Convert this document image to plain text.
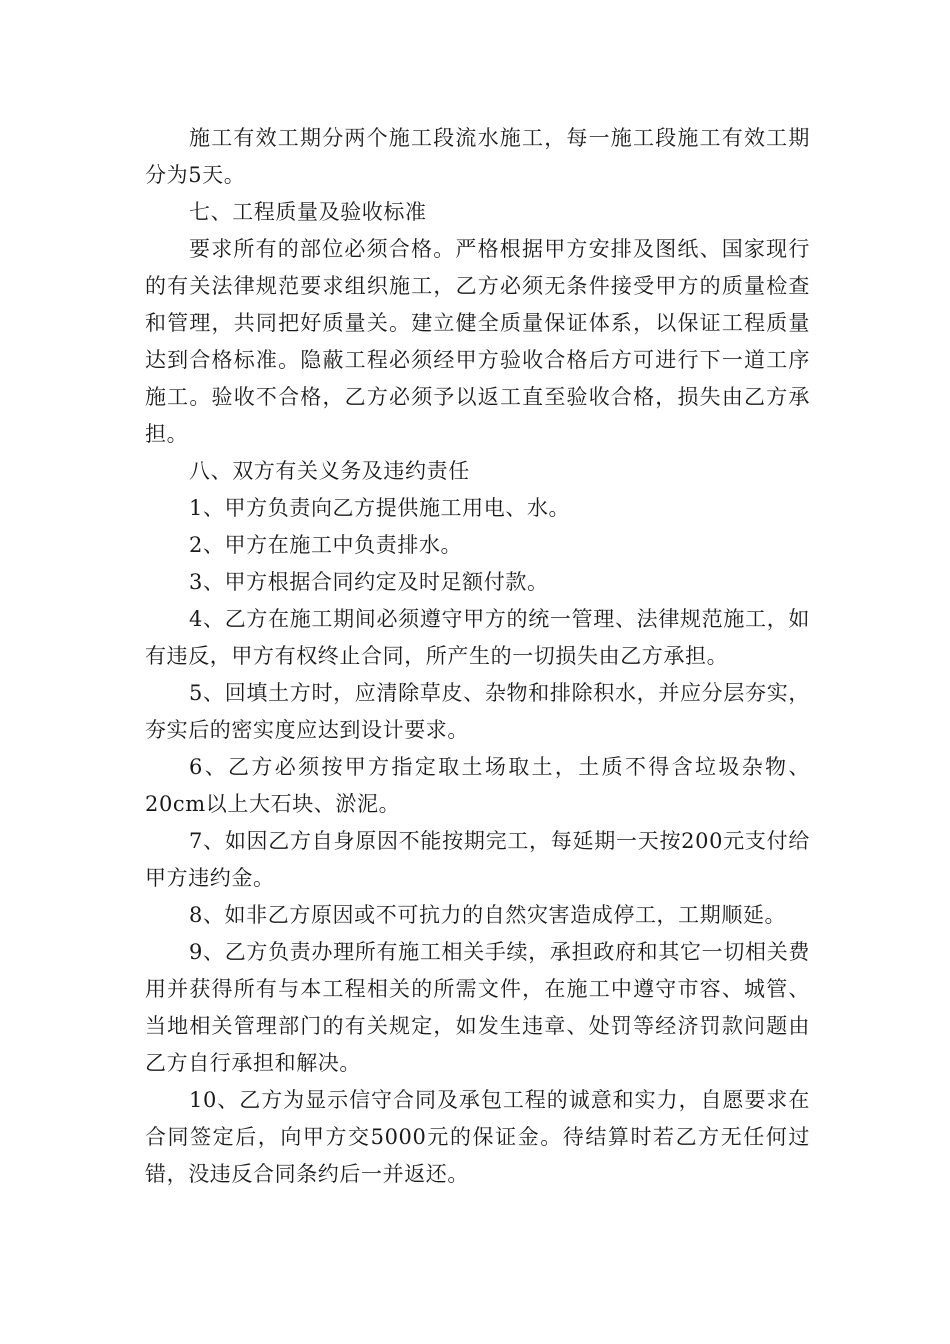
施工有效工期分两个施工段流水施工，每一施工段施工有效工期分为5天。

七、工程质量及验收标准

要求所有的部位必须合格。严格根据甲方安排及图纸、国家现行的有关法律规范要求组织施工，乙方必须无条件接受甲方的质量检查和管理，共同把好质量关。建立健全质量保证体系，以保证工程质量达到合格标准。隐蔽工程必须经甲方验收合格后方可进行下一道工序施工。验收不合格，乙方必须予以返工直至验收合格，损失由乙方承担。

八、双方有关义务及违约责任

1、甲方负责向乙方提供施工用电、水。

2、甲方在施工中负责排水。

3、甲方根据合同约定及时足额付款。

4、乙方在施工期间必须遵守甲方的统一管理、法律规范施工，如有违反，甲方有权终止合同，所产生的一切损失由乙方承担。

5、回填土方时，应清除草皮、杂物和排除积水，并应分层夯实，夯实后的密实度应达到设计要求。

6、乙方必须按甲方指定取土场取土，土质不得含垃圾杂物、20cm以上大石块、淤泥。

7、如因乙方自身原因不能按期完工，每延期一天按200元支付给甲方违约金。

8、如非乙方原因或不可抗力的自然灾害造成停工，工期顺延。

9、乙方负责办理所有施工相关手续，承担政府和其它一切相关费用并获得所有与本工程相关的所需文件，在施工中遵守市容、城管、当地相关管理部门的有关规定，如发生违章、处罚等经济罚款问题由乙方自行承担和解决。

10、乙方为显示信守合同及承包工程的诚意和实力，自愿要求在合同签定后，向甲方交5000元的保证金。待结算时若乙方无任何过错，没违反合同条约后一并返还。
